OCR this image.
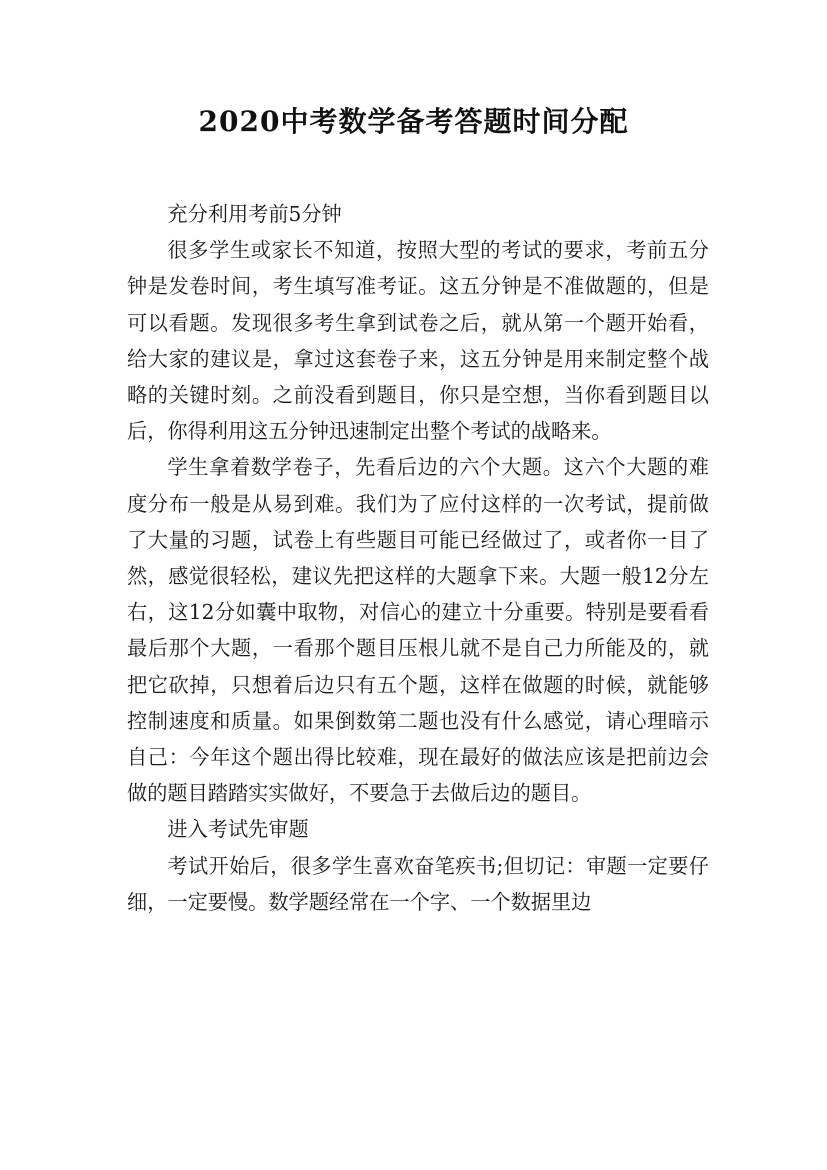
2020中考数学备考答题时间分配

充分利用考前5分钟

很多学生或家长不知道，按照大型的考试的要求，考前五分钟是发卷时间，考生填写准考证。这五分钟是不准做题的，但是可以看题。发现很多考生拿到试卷之后，就从第一个题开始看，给大家的建议是，拿过这套卷子来，这五分钟是用来制定整个战略的关键时刻。之前没看到题目，你只是空想，当你看到题目以后，你得利用这五分钟迅速制定出整个考试的战略来。

学生拿着数学卷子，先看后边的六个大题。这六个大题的难度分布一般是从易到难。我们为了应付这样的一次考试，提前做了大量的习题，试卷上有些题目可能已经做过了，或者你一目了然，感觉很轻松，建议先把这样的大题拿下来。大题一般12分左右，这12分如囊中取物，对信心的建立十分重要。特别是要看看最后那个大题，一看那个题目压根儿就不是自己力所能及的，就把它砍掉，只想着后边只有五个题，这样在做题的时候，就能够控制速度和质量。如果倒数第二题也没有什么感觉，请心理暗示自己：今年这个题出得比较难，现在最好的做法应该是把前边会做的题目踏踏实实做好，不要急于去做后边的题目。

进入考试先审题

考试开始后，很多学生喜欢奋笔疾书;但切记：审题一定要仔细，一定要慢。数学题经常在一个字、一个数据里边
